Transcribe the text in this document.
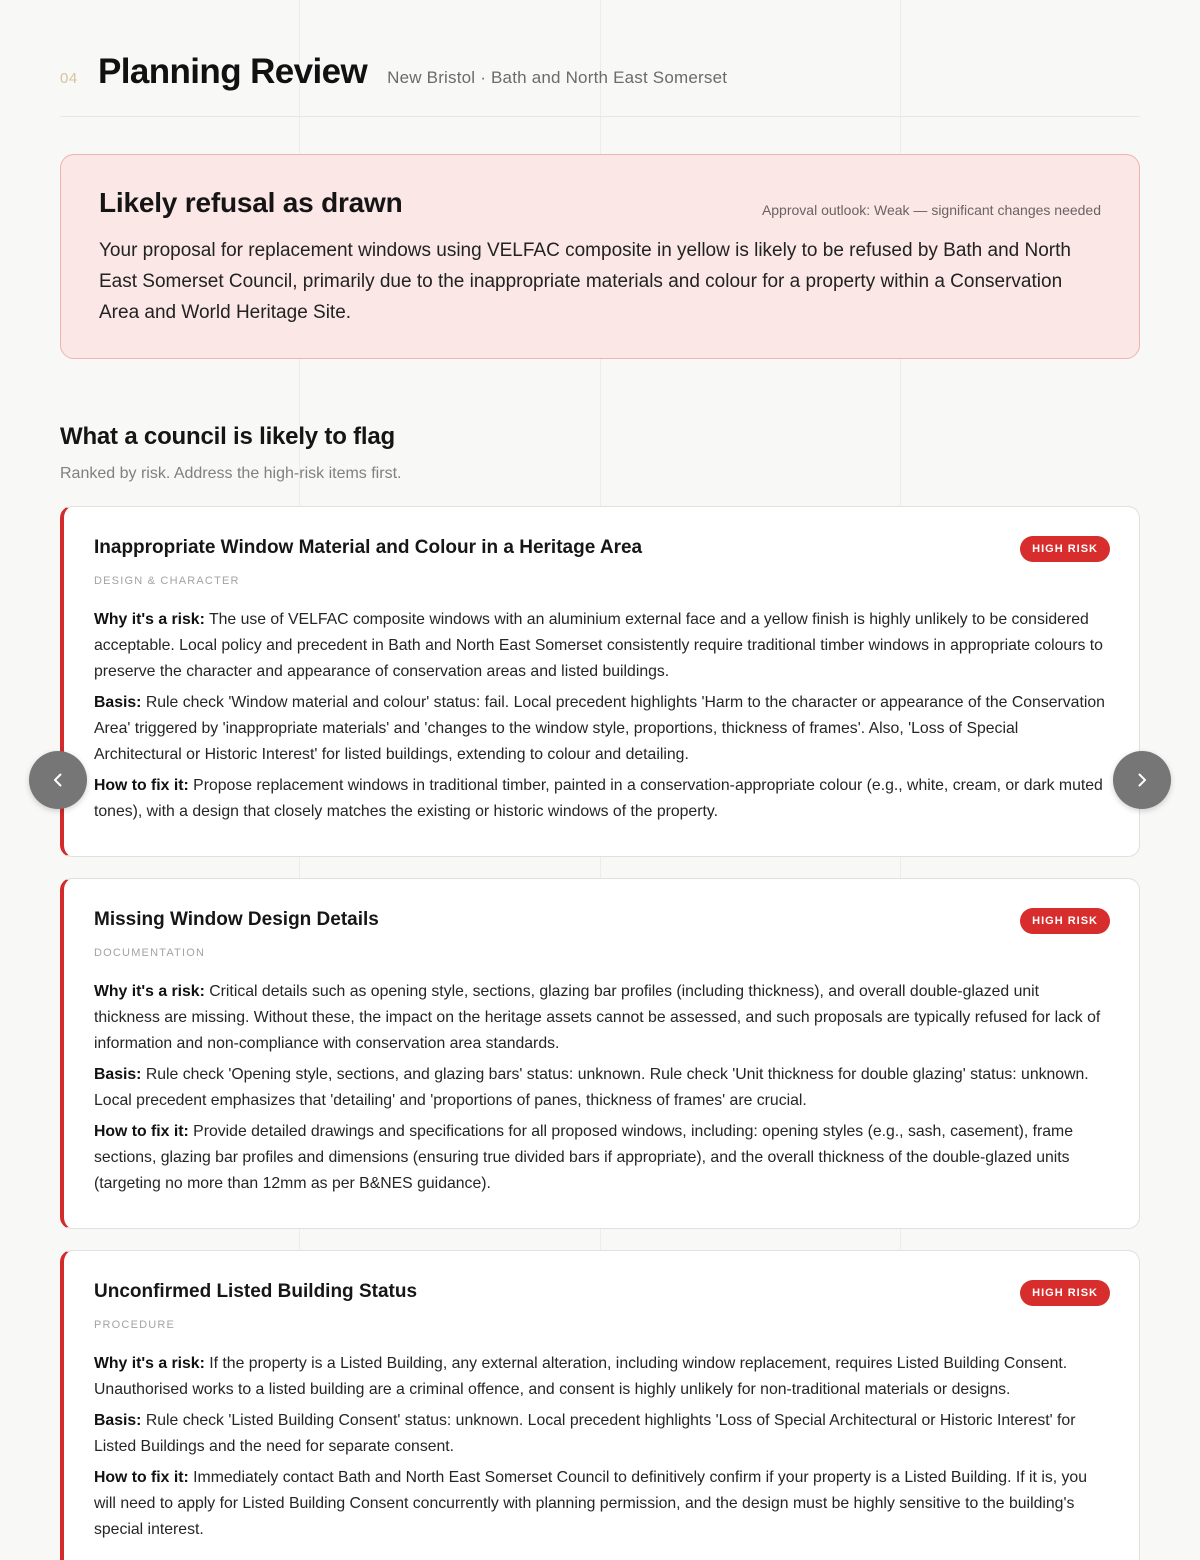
04 Planning Review New Bristol · Bath and North East Somerset
Likely refusal as drawn	Approval outlook: Weak — significant changes needed

Your proposal for replacement windows using VELFAC composite in yellow is likely to be refused by Bath and North East Somerset Council, primarily due to the inappropriate materials and colour for a property within a Conservation Area and World Heritage Site.

What a council is likely to flag

Ranked by risk. Address the high-risk items first.

Inappropriate Window Material and Colour in a Heritage Area	HIGH RISK
DESIGN & CHARACTER

Why it's a risk: The use of VELFAC composite windows with an aluminium external face and a yellow finish is highly unlikely to be considered acceptable. Local policy and precedent in Bath and North East Somerset consistently require traditional timber windows in appropriate colours to preserve the character and appearance of conservation areas and listed buildings.

Basis: Rule check 'Window material and colour' status: fail. Local precedent highlights 'Harm to the character or appearance of the Conservation Area' triggered by 'inappropriate materials' and 'changes to the window style, proportions, thickness of frames'. Also, 'Loss of Special Architectural or Historic Interest' for listed buildings, extending to colour and detailing.

How to fix it: Propose replacement windows in traditional timber, painted in a conservation-appropriate colour (e.g., white, cream, or dark muted tones), with a design that closely matches the existing or historic windows of the property.

Missing Window Design Details	HIGH RISK
DOCUMENTATION

Why it's a risk: Critical details such as opening style, sections, glazing bar profiles (including thickness), and overall double-glazed unit thickness are missing. Without these, the impact on the heritage assets cannot be assessed, and such proposals are typically refused for lack of information and non-compliance with conservation area standards.

Basis: Rule check 'Opening style, sections, and glazing bars' status: unknown. Rule check 'Unit thickness for double glazing' status: unknown. Local precedent emphasizes that 'detailing' and 'proportions of panes, thickness of frames' are crucial.

How to fix it: Provide detailed drawings and specifications for all proposed windows, including: opening styles (e.g., sash, casement), frame sections, glazing bar profiles and dimensions (ensuring true divided bars if appropriate), and the overall thickness of the double-glazed units (targeting no more than 12mm as per B&NES guidance).

Unconfirmed Listed Building Status	HIGH RISK
PROCEDURE

Why it's a risk: If the property is a Listed Building, any external alteration, including window replacement, requires Listed Building Consent. Unauthorised works to a listed building are a criminal offence, and consent is highly unlikely for non-traditional materials or designs.

Basis: Rule check 'Listed Building Consent' status: unknown. Local precedent highlights 'Loss of Special Architectural or Historic Interest' for Listed Buildings and the need for separate consent.

How to fix it: Immediately contact Bath and North East Somerset Council to definitively confirm if your property is a Listed Building. If it is, you will need to apply for Listed Building Consent concurrently with planning permission, and the design must be highly sensitive to the building's special interest.
